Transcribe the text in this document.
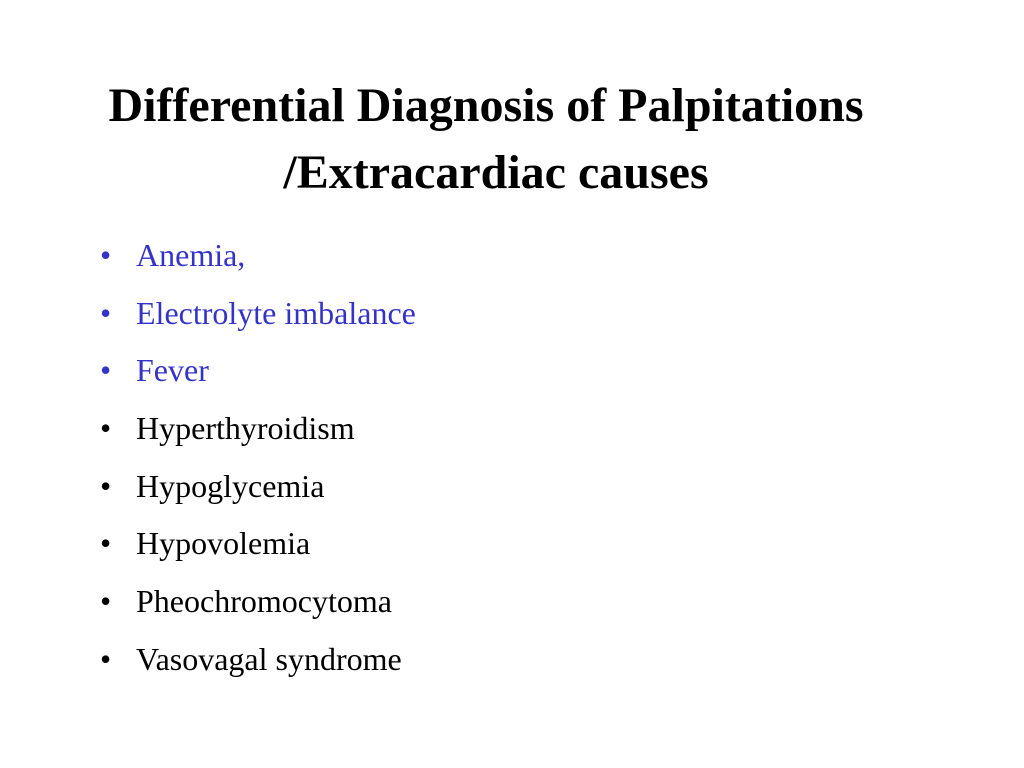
Differential Diagnosis of Palpitations
/Extracardiac causes
• Anemia,
• Electrolyte imbalance
• Fever
• Hyperthyroidism
• Hypoglycemia
• Hypovolemia
• Pheochromocytoma
• Vasovagal syndrome
